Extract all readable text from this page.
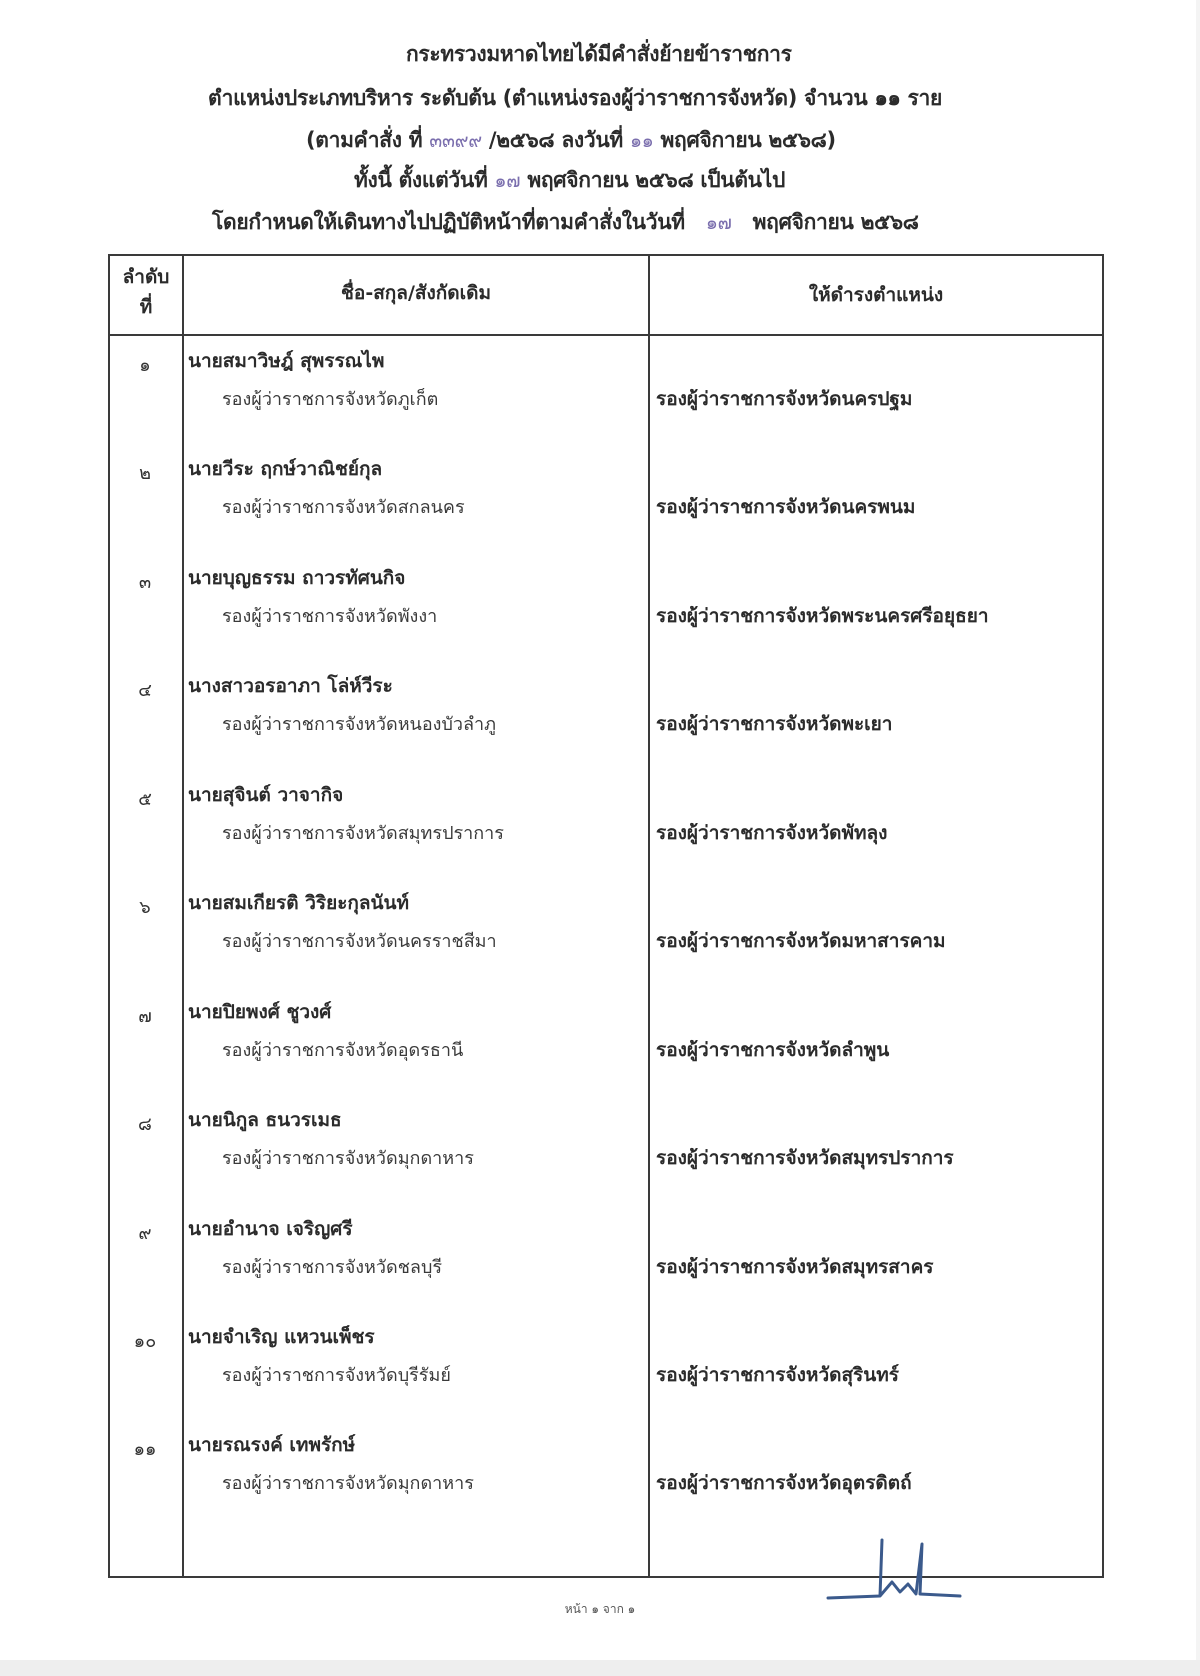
กระทรวงมหาดไทยได้มีคำสั่งย้ายข้าราชการ
ตำแหน่งประเภทบริหาร ระดับต้น (ตำแหน่งรองผู้ว่าราชการจังหวัด) จำนวน ๑๑ ราย
(ตามคำสั่ง ที่ ๓๓๙๙ /๒๕๖๘ ลงวันที่ ๑๑ พฤศจิกายน ๒๕๖๘)
ทั้งนี้ ตั้งแต่วันที่ ๑๗ พฤศจิกายน ๒๕๖๘ เป็นต้นไป
โดยกำหนดให้เดินทางไปปฏิบัติหน้าที่ตามคำสั่งในวันที่ ๑๗ พฤศจิกายน ๒๕๖๘
ลำดับ
ที่
ชื่อ-สกุล/สังกัดเดิม	ให้ดำรงตำแหน่ง
๑	นายสมาวิษฎ์ สุพรรณไพ
รองผู้ว่าราชการจังหวัดภูเก็ต	รองผู้ว่าราชการจังหวัดนครปฐม
๒	นายวีระ ฤกษ์วาณิชย์กุล
รองผู้ว่าราชการจังหวัดสกลนคร	รองผู้ว่าราชการจังหวัดนครพนม
๓	นายบุญธรรม ถาวรทัศนกิจ
รองผู้ว่าราชการจังหวัดพังงา	รองผู้ว่าราชการจังหวัดพระนครศรีอยุธยา
๔	นางสาวอรอาภา โล่ห์วีระ
รองผู้ว่าราชการจังหวัดหนองบัวลำภู	รองผู้ว่าราชการจังหวัดพะเยา
๕	นายสุจินต์ วาจากิจ
รองผู้ว่าราชการจังหวัดสมุทรปราการ	รองผู้ว่าราชการจังหวัดพัทลุง
๖	นายสมเกียรติ วิริยะกุลนันท์
รองผู้ว่าราชการจังหวัดนครราชสีมา	รองผู้ว่าราชการจังหวัดมหาสารคาม
๗	นายปิยพงศ์ ชูวงศ์
รองผู้ว่าราชการจังหวัดอุดรธานี	รองผู้ว่าราชการจังหวัดลำพูน
๘	นายนิกูล ธนวรเมธ
รองผู้ว่าราชการจังหวัดมุกดาหาร	รองผู้ว่าราชการจังหวัดสมุทรปราการ
๙	นายอำนาจ เจริญศรี
รองผู้ว่าราชการจังหวัดชลบุรี	รองผู้ว่าราชการจังหวัดสมุทรสาคร
๑๐	นายจำเริญ แหวนเพ็ชร
รองผู้ว่าราชการจังหวัดบุรีรัมย์	รองผู้ว่าราชการจังหวัดสุรินทร์
๑๑	นายรณรงค์ เทพรักษ์
รองผู้ว่าราชการจังหวัดมุกดาหาร	รองผู้ว่าราชการจังหวัดอุตรดิตถ์
หน้า ๑ จาก ๑
